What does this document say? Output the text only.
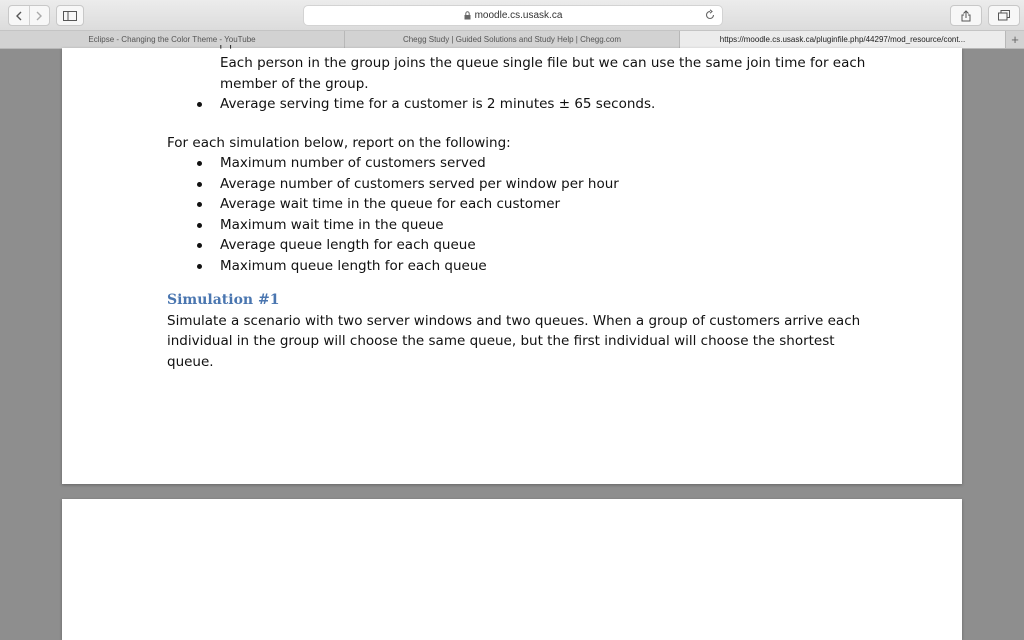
moodle.cs.usask.ca
Eclipse - Changing the Color Theme - YouTube	Chegg Study | Guided Solutions and Study Help | Chegg.com	https://moodle.cs.usask.ca/pluginfile.php/44297/mod_resource/cont...	+
' '
Each person in the group joins the queue single file but we can use the same join time for each
member of the group.
Average serving time for a customer is 2 minutes ± 65 seconds.
For each simulation below, report on the following:
Maximum number of customers served
Average number of customers served per window per hour
Average wait time in the queue for each customer
Maximum wait time in the queue
Average queue length for each queue
Maximum queue length for each queue
Simulation #1
Simulate a scenario with two server windows and two queues. When a group of customers arrive each
individual in the group will choose the same queue, but the first individual will choose the shortest
queue.
